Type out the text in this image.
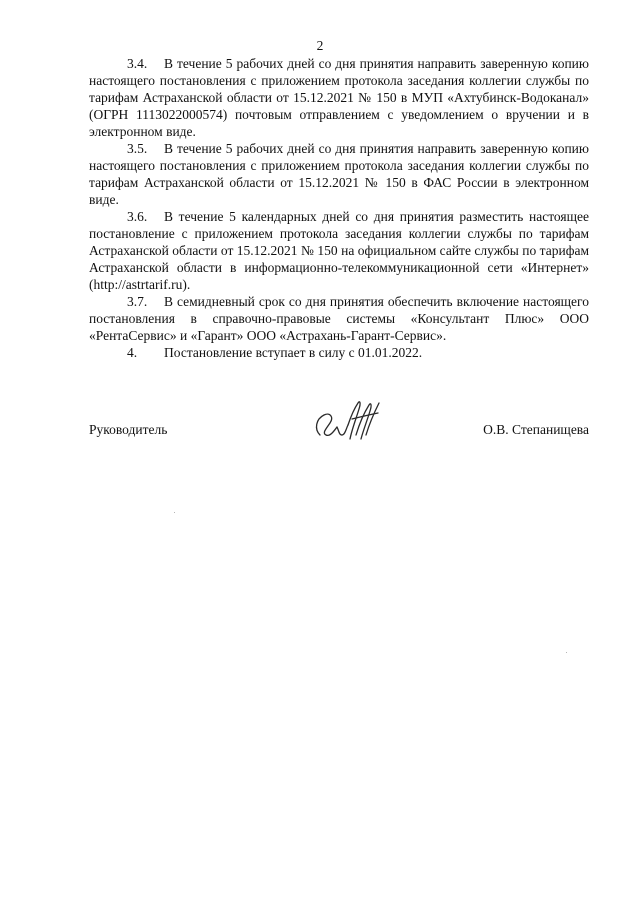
2

3.4. В течение 5 рабочих дней со дня принятия направить заверенную копию настоящего постановления с приложением протокола заседания коллегии службы по тарифам Астраханской области от 15.12.2021 № 150 в МУП «Ахтубинск-Водоканал» (ОГРН 1113022000574) почтовым отправлением с уведомлением о вручении и в электронном виде.

3.5. В течение 5 рабочих дней со дня принятия направить заверенную копию настоящего постановления с приложением протокола заседания коллегии службы по тарифам Астраханской области от 15.12.2021 № 150 в ФАС России в электронном виде.

3.6. В течение 5 календарных дней со дня принятия разместить настоящее постановление с приложением протокола заседания коллегии службы по тарифам Астраханской области от 15.12.2021 № 150 на официальном сайте службы по тарифам Астраханской области в информационно-телекоммуникационной сети «Интернет» (http://astrtarif.ru).

3.7. В семидневный срок со дня принятия обеспечить включение настоящего постановления в справочно-правовые системы «Консультант Плюс» ООО «РентаСервис» и «Гарант» ООО «Астрахань-Гарант-Сервис».

4. Постановление вступает в силу с 01.01.2022.

Руководитель	О.В. Степанищева
